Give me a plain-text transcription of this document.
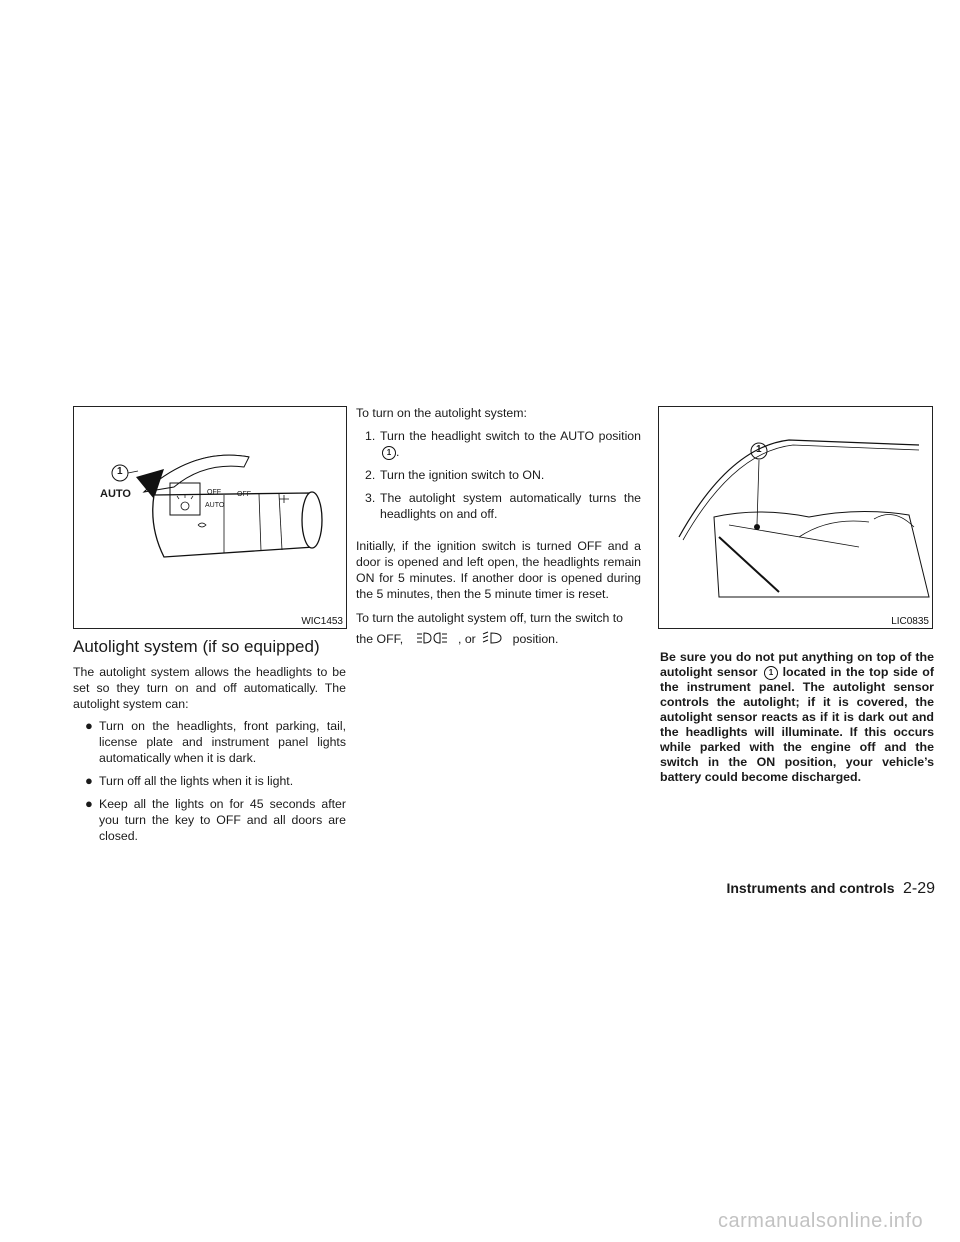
1
AUTO	OFF
AUTO
OFF
WIC1453
Autolight system (if so equipped)

The autolight system allows the headlights to be set so they turn on and off automatically. The autolight system can:

● Turn on the headlights, front parking, tail, license plate and instrument panel lights automatically when it is dark.
● Turn off all the lights when it is light.
● Keep all the lights on for 45 seconds after you turn the key to OFF and all doors are closed.

To turn on the autolight system:

1. Turn the headlight switch to the AUTO position 1 .
2. Turn the ignition switch to ON.
3. The autolight system automatically turns the headlights on and off.

Initially, if the ignition switch is turned OFF and a door is opened and left open, the headlights remain ON for 5 minutes. If another door is opened during the 5 minutes, then the 5 minute timer is reset.

To turn the autolight system off, turn the switch to

the OFF,	, or	position.
1
LIC0835

Be sure you do not put anything on top of the autolight sensor 1 located in the top side of the instrument panel. The autolight sensor controls the autolight; if it is covered, the autolight sensor reacts as if it is dark out and the headlights will illuminate. If this occurs while parked with the engine off and the switch in the ON position, your vehicle’s battery could become discharged.

Instruments and controls 2-29
carmanualsonline.info
